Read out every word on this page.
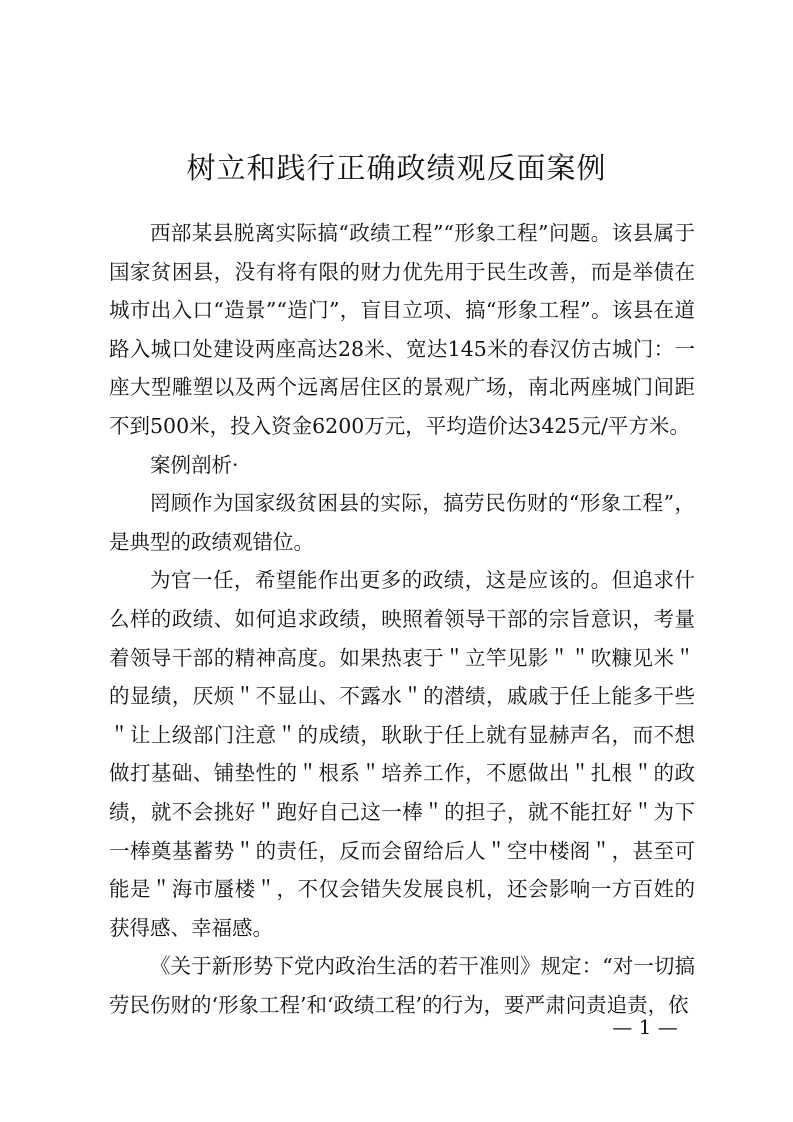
树立和践行正确政绩观反面案例

西部某县脱离实际搞“政绩工程”“形象工程”问题。该县属于国家贫困县，没有将有限的财力优先用于民生改善，而是举债在城市出入口“造景”“造门”，盲目立项、搞“形象工程”。该县在道路入城口处建设两座高达28米、宽达145米的春汉仿古城门：一座大型雕塑以及两个远离居住区的景观广场，南北两座城门间距不到500米，投入资金6200万元，平均造价达3425元/平方米。

案例剖析·

罔顾作为国家级贫困县的实际，搞劳民伤财的“形象工程”，是典型的政绩观错位。

为官一任，希望能作出更多的政绩，这是应该的。但追求什么样的政绩、如何追求政绩，映照着领导干部的宗旨意识，考量着领导干部的精神高度。如果热衷于＂立竿见影＂＂吹糠见米＂的显绩，厌烦＂不显山、不露水＂的潜绩，戚戚于任上能多干些＂让上级部门注意＂的成绩，耿耿于任上就有显赫声名，而不想做打基础、铺垫性的＂根系＂培养工作，不愿做出＂扎根＂的政绩，就不会挑好＂跑好自己这一棒＂的担子，就不能扛好＂为下一棒奠基蓄势＂的责任，反而会留给后人＂空中楼阁＂，甚至可能是＂海市蜃楼＂，不仅会错失发展良机，还会影响一方百姓的获得感、幸福感。

《关于新形势下党内政治生活的若干准则》规定：“对一切搞劳民伤财的‘形象工程’和‘政绩工程’的行为，要严肃问责追责，依

— 1 —
